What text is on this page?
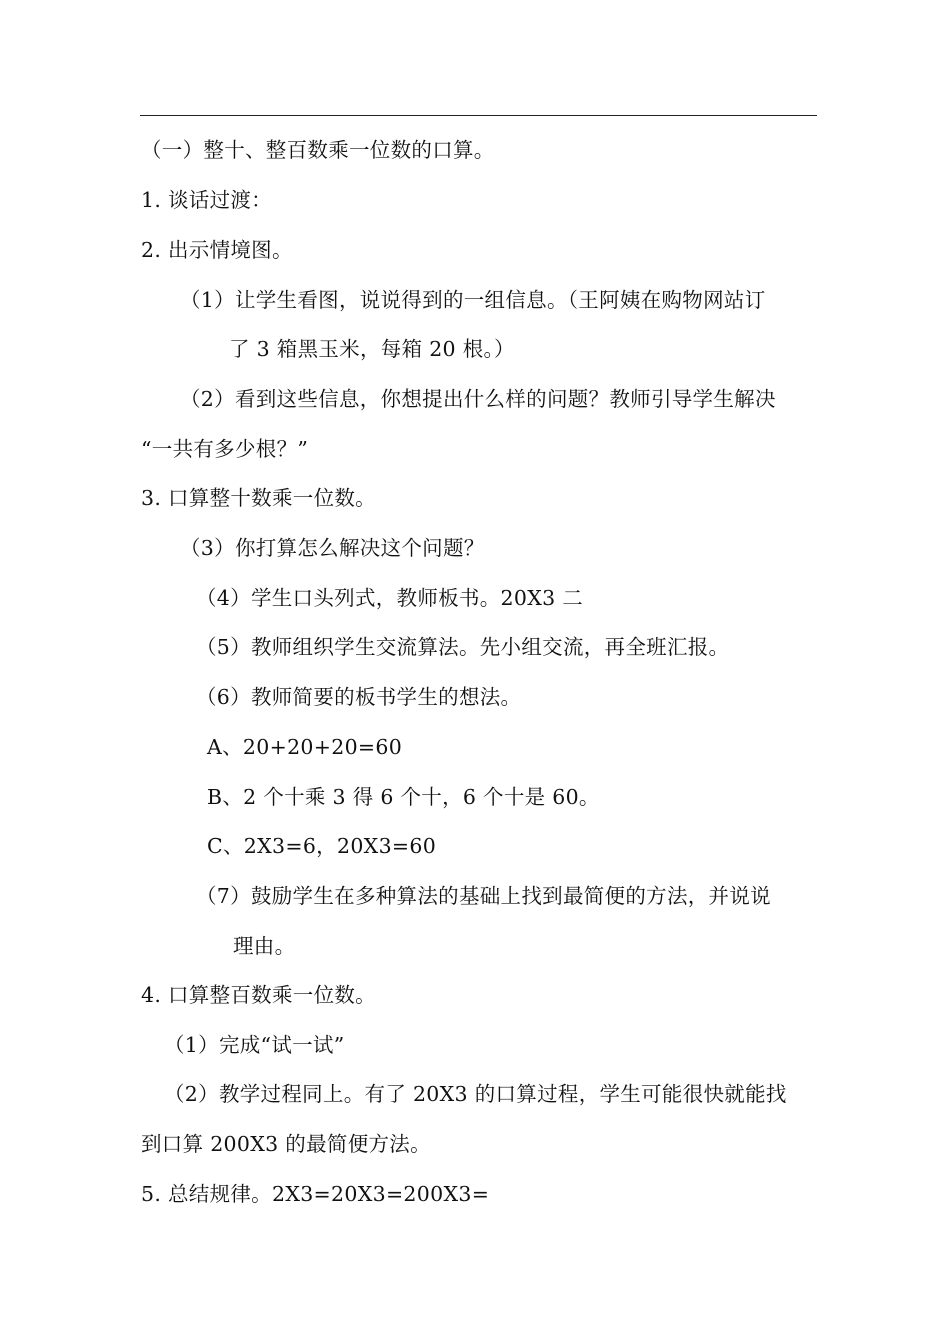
（一）整十、整百数乘一位数的口算。
1. 谈话过渡：
2. 出示情境图。
（1）让学生看图，说说得到的一组信息。（王阿姨在购物网站订
了 3 箱黑玉米，每箱 20 根。）
（2）看到这些信息，你想提出什么样的问题？教师引导学生解决
“一共有多少根？”
3. 口算整十数乘一位数。
（3）你打算怎么解决这个问题？
（4）学生口头列式，教师板书。20X3 二
（5）教师组织学生交流算法。先小组交流，再全班汇报。
（6）教师简要的板书学生的想法。
A、20+20+20=60
B、2 个十乘 3 得 6 个十，6 个十是 60。
C、2X3=6，20X3=60
（7）鼓励学生在多种算法的基础上找到最简便的方法，并说说
理由。
4. 口算整百数乘一位数。
（1）完成“试一试”
（2）教学过程同上。有了 20X3 的口算过程，学生可能很快就能找
到口算 200X3 的最简便方法。
5. 总结规律。2X3=20X3=200X3=
